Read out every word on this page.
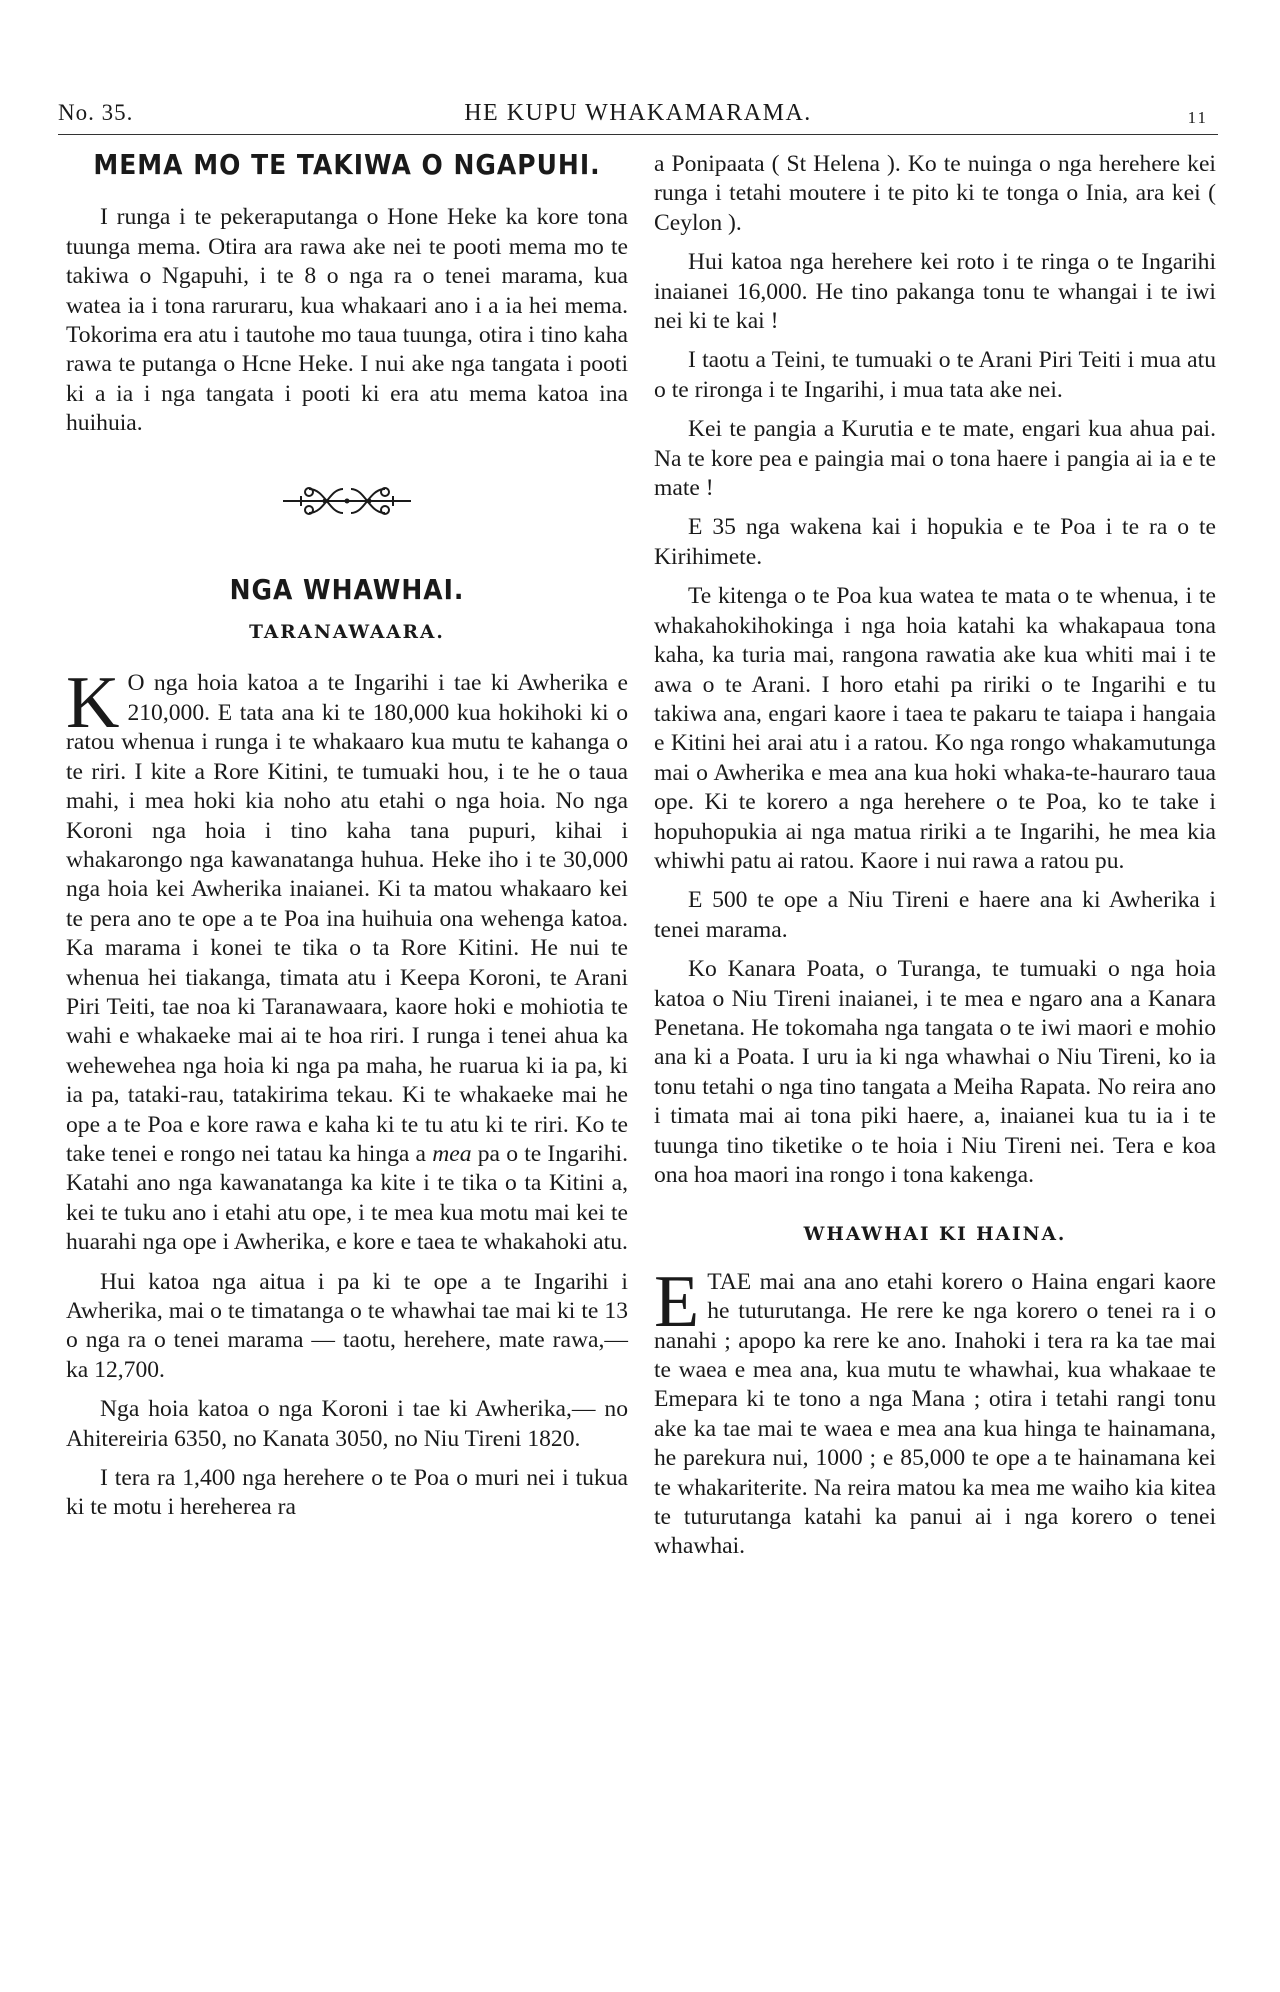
No. 35.	HE KUPU WHAKAMARAMA.	11
MEMA MO TE TAKIWA O NGAPUHI.

I runga i te pekeraputanga o Hone Heke ka kore tona tuunga mema. Otira ara rawa ake nei te pooti mema mo te takiwa o Ngapuhi, i te 8 o nga ra o tenei marama, kua watea ia i tona raruraru, kua whakaari ano i a ia hei mema. Tokorima era atu i tautohe mo taua tuunga, otira i tino kaha rawa te putanga o Hcne Heke. I nui ake nga tangata i pooti ki a ia i nga tangata i pooti ki era atu mema katoa ina huihuia.

NGA WHAWHAI.
TARANAWAARA.

K O nga hoia katoa a te Ingarihi i tae ki Awherika e 210,000. E tata ana ki te 180,000 kua hokihoki ki o ratou whenua i runga i te whakaaro kua mutu te kahanga o te riri. I kite a Rore Kitini, te tumuaki hou, i te he o taua mahi, i mea hoki kia noho atu etahi o nga hoia. No nga Koroni nga hoia i tino kaha tana pupuri, kihai i whakarongo nga kawanatanga huhua. Heke iho i te 30,000 nga hoia kei Awherika inaianei. Ki ta matou whakaaro kei te pera ano te ope a te Poa ina huihuia ona wehenga katoa. Ka marama i konei te tika o ta Rore Kitini. He nui te whenua hei tiakanga, timata atu i Keepa Koroni, te Arani Piri Teiti, tae noa ki Taranawaara, kaore hoki e mohiotia te wahi e whakaeke mai ai te hoa riri. I runga i tenei ahua ka wehewehea nga hoia ki nga pa maha, he ruarua ki ia pa, ki ia pa, tataki-rau, tatakirima tekau. Ki te whakaeke mai he ope a te Poa e kore rawa e kaha ki te tu atu ki te riri. Ko te take tenei e rongo nei tatau ka hinga a mea pa o te Ingarihi. Katahi ano nga kawanatanga ka kite i te tika o ta Kitini a, kei te tuku ano i etahi atu ope, i te mea kua motu mai kei te huarahi nga ope i Awherika, e kore e taea te whakahoki atu.

Hui katoa nga aitua i pa ki te ope a te Ingarihi i Awherika, mai o te timatanga o te whawhai tae mai ki te 13 o nga ra o tenei marama — taotu, herehere, mate rawa,— ka 12,700.

Nga hoia katoa o nga Koroni i tae ki Awherika,— no Ahitereiria 6350, no Kanata 3050, no Niu Tireni 1820.

I tera ra 1,400 nga herehere o te Poa o muri nei i tukua ki te motu i hereherea ra

a Ponipaata ( St Helena ). Ko te nuinga o nga herehere kei runga i tetahi moutere i te pito ki te tonga o Inia, ara kei ( Ceylon ).

Hui katoa nga herehere kei roto i te ringa o te Ingarihi inaianei 16,000. He tino pakanga tonu te whangai i te iwi nei ki te kai !

I taotu a Teini, te tumuaki o te Arani Piri Teiti i mua atu o te rironga i te Ingarihi, i mua tata ake nei.

Kei te pangia a Kurutia e te mate, engari kua ahua pai. Na te kore pea e paingia mai o tona haere i pangia ai ia e te mate !

E 35 nga wakena kai i hopukia e te Poa i te ra o te Kirihimete.

Te kitenga o te Poa kua watea te mata o te whenua, i te whakahokihokinga i nga hoia katahi ka whakapaua tona kaha, ka turia mai, rangona rawatia ake kua whiti mai i te awa o te Arani. I horo etahi pa ririki o te Ingarihi e tu takiwa ana, engari kaore i taea te pakaru te taiapa i hangaia e Kitini hei arai atu i a ratou. Ko nga rongo whakamutunga mai o Awherika e mea ana kua hoki whaka-te-hauraro taua ope. Ki te korero a nga herehere o te Poa, ko te take i hopuhopukia ai nga matua ririki a te Ingarihi, he mea kia whiwhi patu ai ratou. Kaore i nui rawa a ratou pu.

E 500 te ope a Niu Tireni e haere ana ki Awherika i tenei marama.

Ko Kanara Poata, o Turanga, te tumuaki o nga hoia katoa o Niu Tireni inaianei, i te mea e ngaro ana a Kanara Penetana. He tokomaha nga tangata o te iwi maori e mohio ana ki a Poata. I uru ia ki nga whawhai o Niu Tireni, ko ia tonu tetahi o nga tino tangata a Meiha Rapata. No reira ano i timata mai ai tona piki haere, a, inaianei kua tu ia i te tuunga tino tiketike o te hoia i Niu Tireni nei. Tera e koa ona hoa maori ina rongo i tona kakenga.

WHAWHAI KI HAINA.

ETAE mai ana ano etahi korero o Haina engari kaore he tuturutanga. He rere ke nga korero o tenei ra i o nanahi ; apopo ka rere ke ano. Inahoki i tera ra ka tae mai te waea e mea ana, kua mutu te whawhai, kua whakaae te Emepara ki te tono a nga Mana ; otira i tetahi rangi tonu ake ka tae mai te waea e mea ana kua hinga te hainamana, he parekura nui, 1000 ; e 85,000 te ope a te hainamana kei te whakariterite. Na reira matou ka mea me waiho kia kitea te tuturutanga katahi ka panui ai i nga korero o tenei whawhai.
